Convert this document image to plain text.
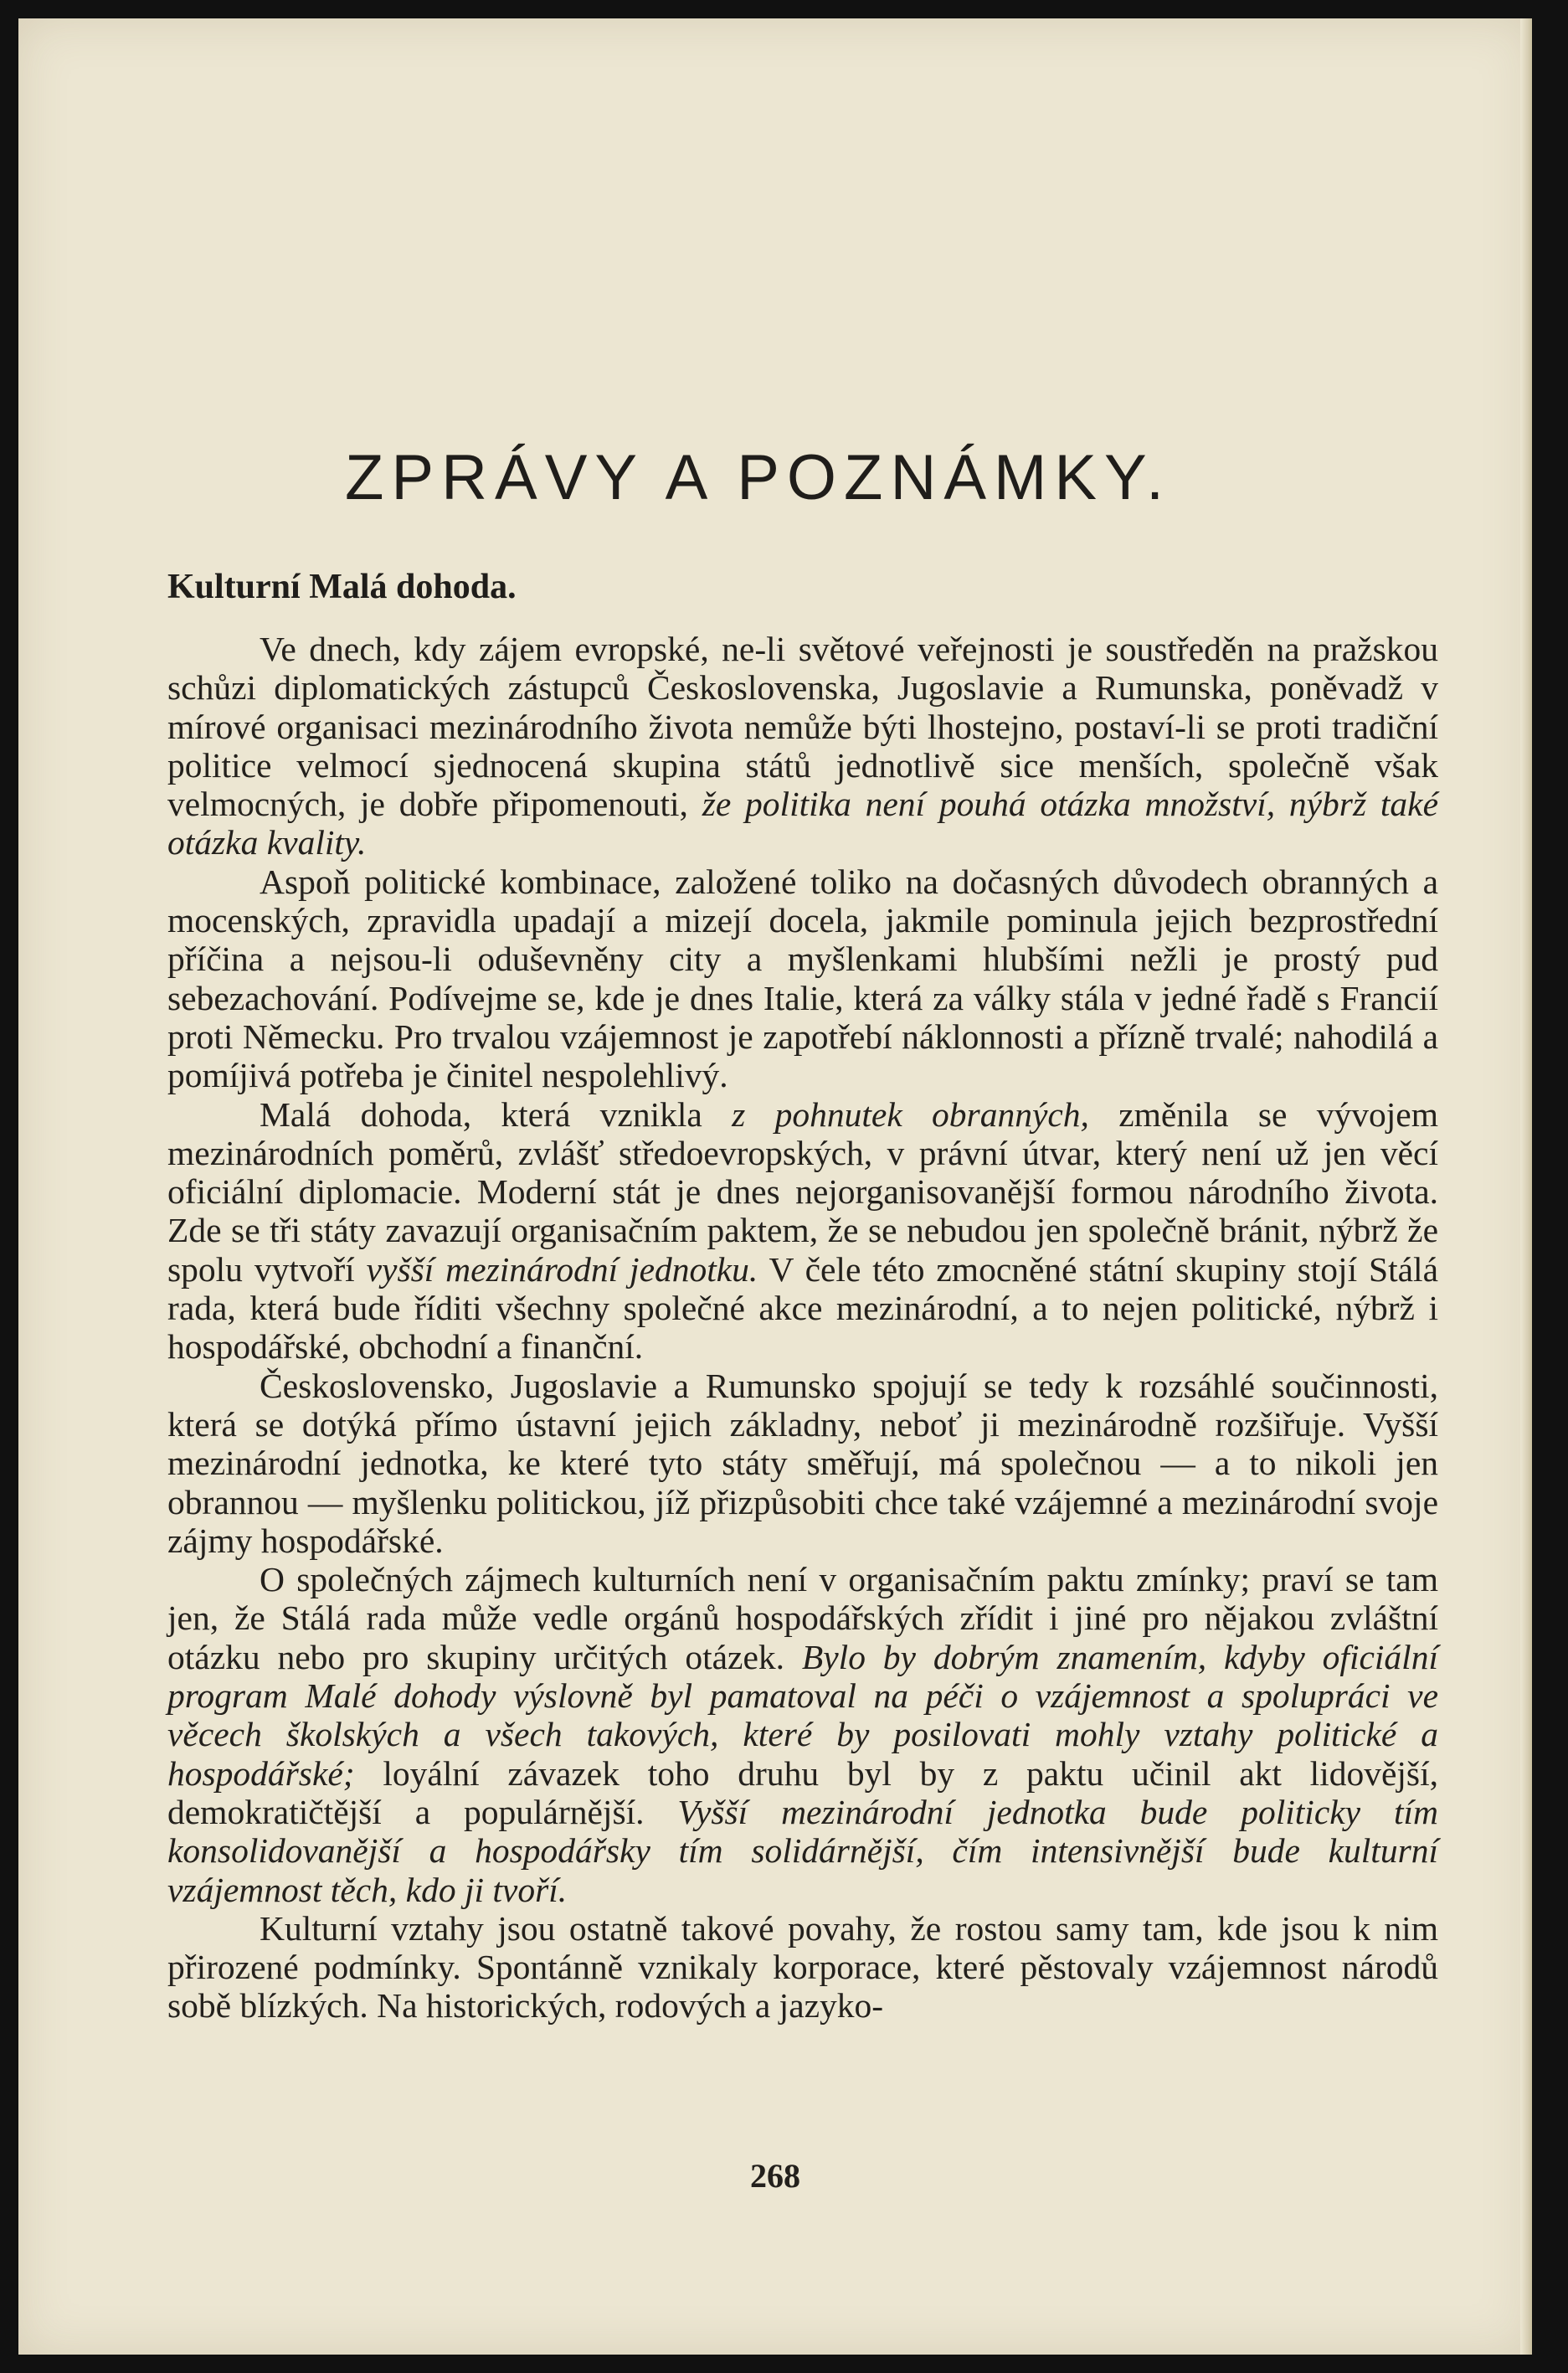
ZPRÁVY A POZNÁMKY.
Kulturní Malá dohoda.

Ve dnech, kdy zájem evropské, ne-li světové veřejnosti je soustředěn na pražskou schůzi diplomatických zástupců Československa, Jugoslavie a Rumunska, poněvadž v mírové organisaci mezinárodního života nemůže býti lhostejno, postaví-li se proti tradiční politice velmocí sjednocená skupina států jednotlivě sice menších, společně však velmocných, je dobře připomenouti, že politika není pouhá otázka množství, nýbrž také otázka kvality.

Aspoň politické kombinace, založené toliko na dočasných důvodech obranných a mocenských, zpravidla upadají a mizejí docela, jakmile pominula jejich bezprostřední příčina a nejsou-li oduševněny city a myšlenkami hlubšími nežli je prostý pud sebezachování. Podívejme se, kde je dnes Italie, která za války stála v jedné řadě s Francií proti Německu. Pro trvalou vzájemnost je zapotřebí náklonnosti a přízně trvalé; nahodilá a pomíjivá potřeba je činitel nespolehlivý.

Malá dohoda, která vznikla z pohnutek obranných, změnila se vývojem mezinárodních poměrů, zvlášť středoevropských, v právní útvar, který není už jen věcí oficiální diplomacie. Moderní stát je dnes nejorganisovanější formou národního života. Zde se tři státy zavazují organisačním paktem, že se nebudou jen společně bránit, nýbrž že spolu vytvoří vyšší mezinárodní jednotku. V čele této zmocněné státní skupiny stojí Stálá rada, která bude říditi všechny společné akce mezinárodní, a to nejen politické, nýbrž i hospodářské, obchodní a finanční.

Československo, Jugoslavie a Rumunsko spojují se tedy k rozsáhlé součinnosti, která se dotýká přímo ústavní jejich základny, neboť ji mezinárodně rozšiřuje. Vyšší mezinárodní jednotka, ke které tyto státy směřují, má společnou — a to nikoli jen obrannou — myšlenku politickou, jíž přizpůsobiti chce také vzájemné a mezinárodní svoje zájmy hospodářské.

O společných zájmech kulturních není v organisačním paktu zmínky; praví se tam jen, že Stálá rada může vedle orgánů hospodářských zřídit i jiné pro nějakou zvláštní otázku nebo pro skupiny určitých otázek. Bylo by dobrým znamením, kdyby oficiální program Malé dohody výslovně byl pamatoval na péči o vzájemnost a spolupráci ve věcech školských a všech takových, které by posilovati mohly vztahy politické a hospodářské; loyální závazek toho druhu byl by z paktu učinil akt lidovější, demokratičtější a populárnější. Vyšší mezinárodní jednotka bude politicky tím konsolidovanější a hospodářsky tím solidárnější, čím intensivnější bude kulturní vzájemnost těch, kdo ji tvoří.

Kulturní vztahy jsou ostatně takové povahy, že rostou samy tam, kde jsou k nim přirozené podmínky. Spontánně vznikaly korporace, které pěstovaly vzájemnost národů sobě blízkých. Na historických, rodových a jazyko-

268
